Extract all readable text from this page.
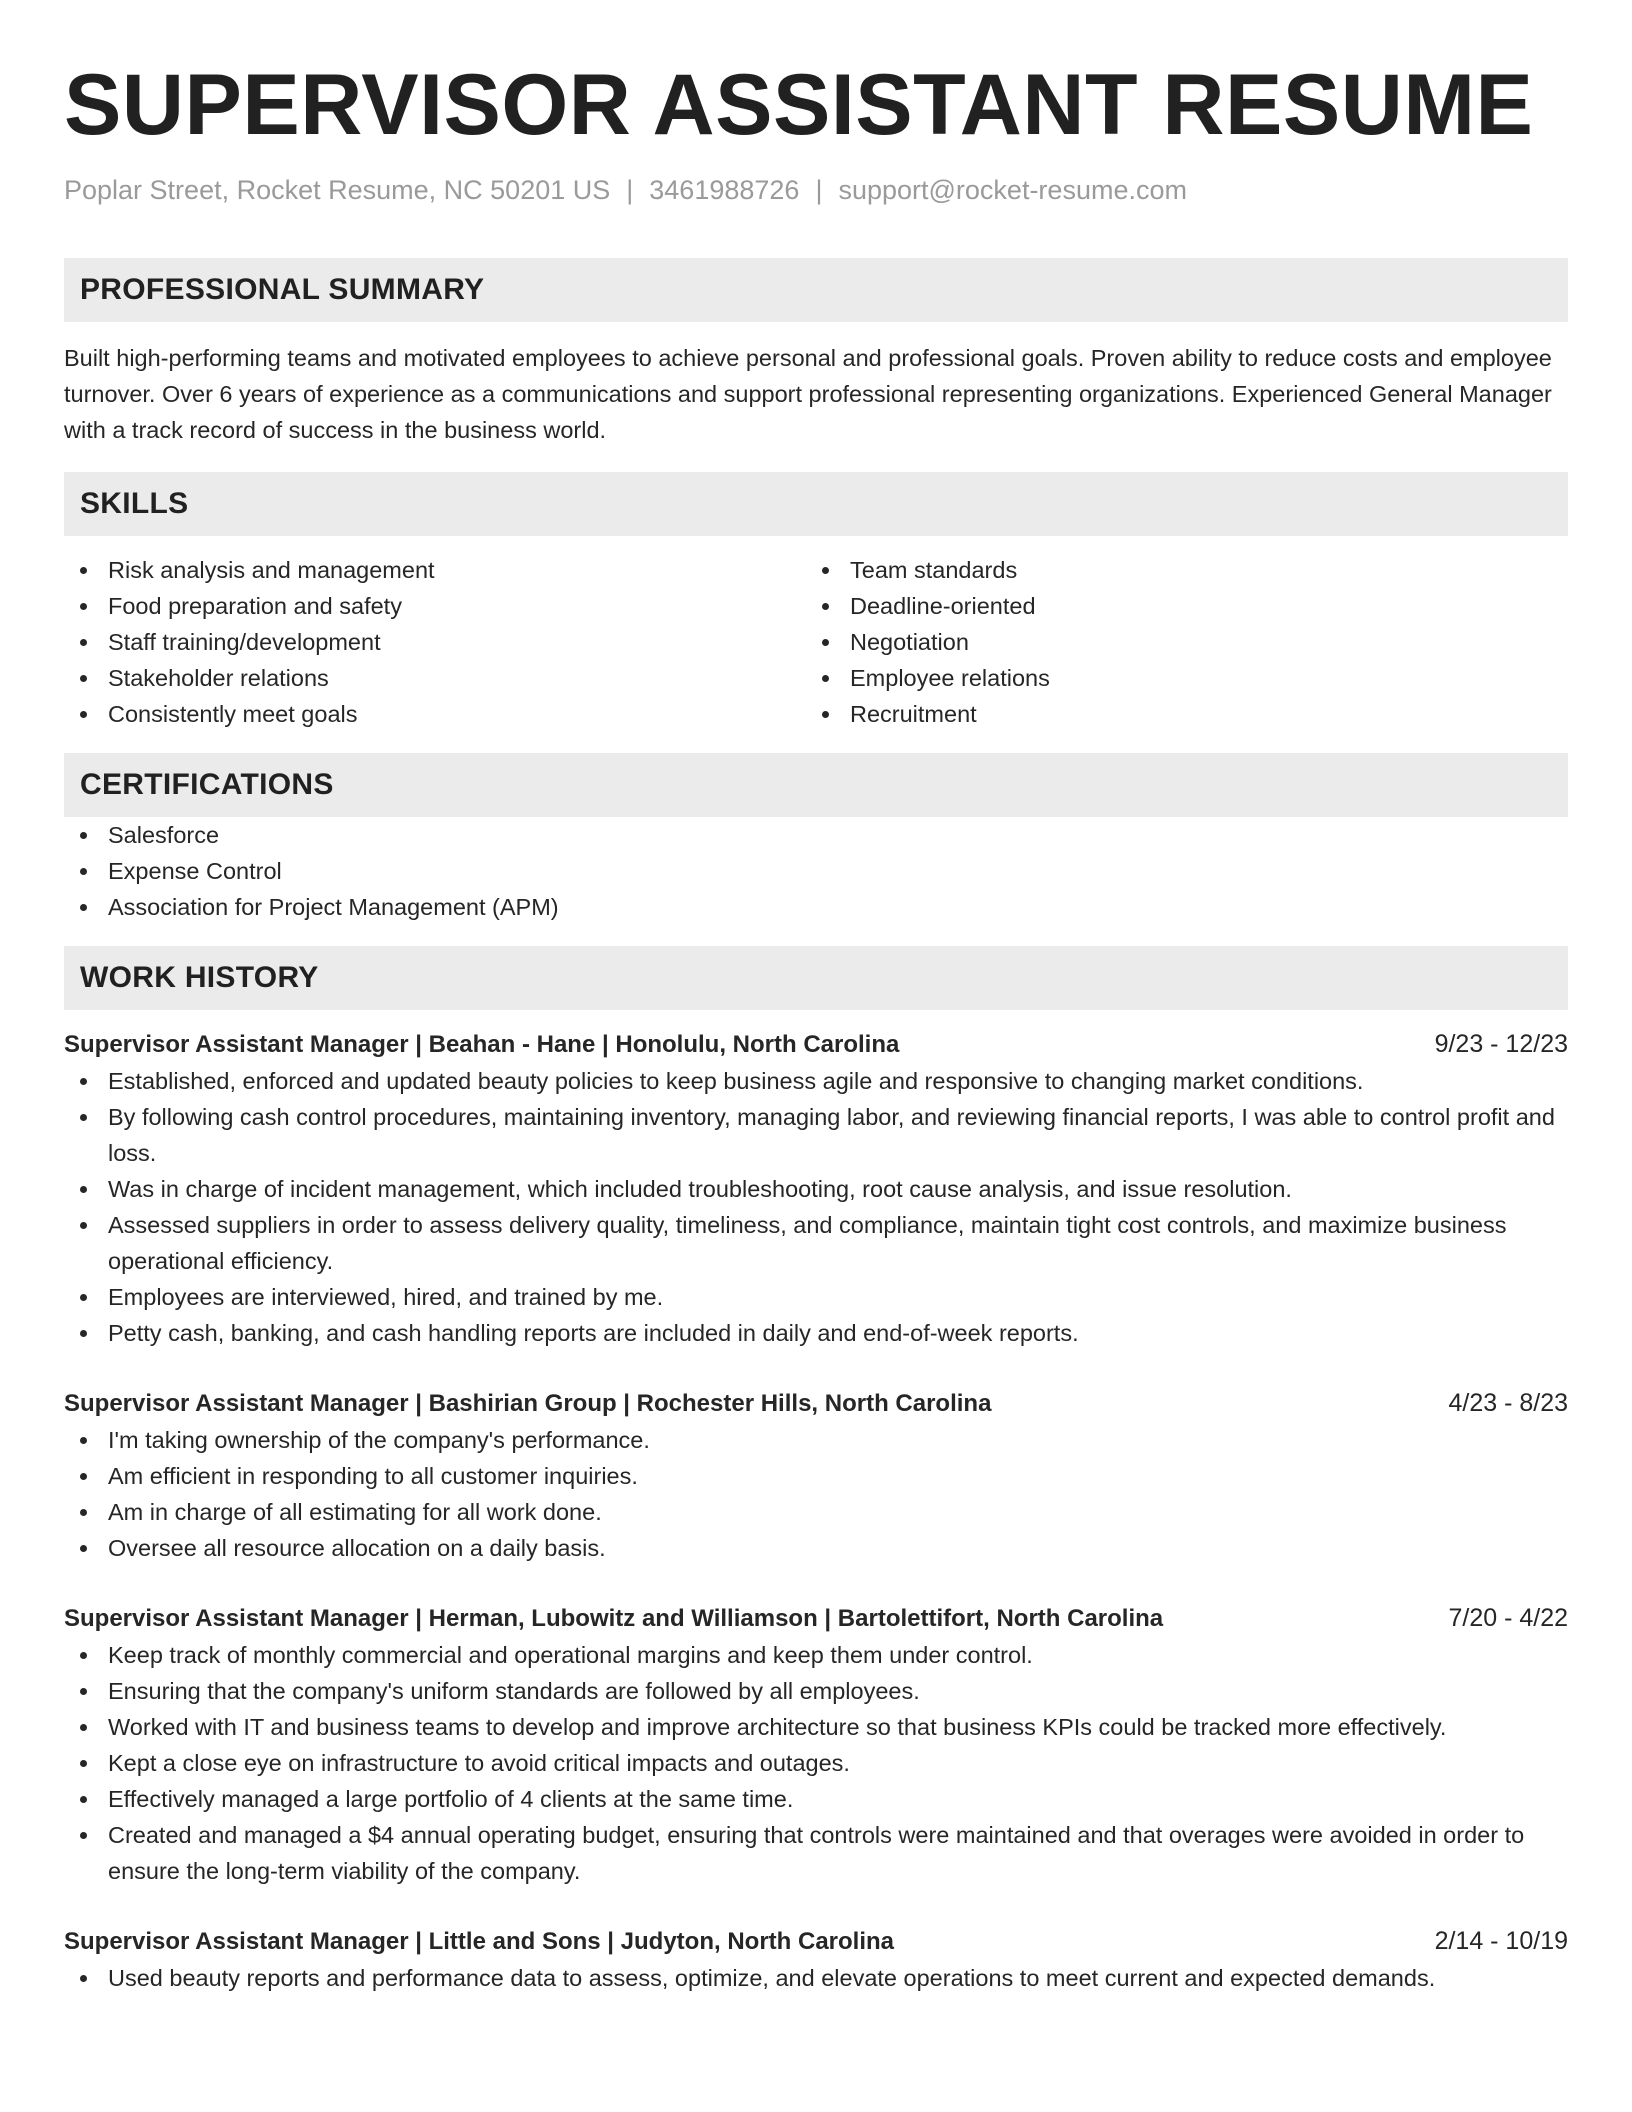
SUPERVISOR ASSISTANT RESUME
Poplar Street, Rocket Resume, NC 50201 US | 3461988726 | support@rocket-resume.com
PROFESSIONAL SUMMARY
Built high-performing teams and motivated employees to achieve personal and professional goals. Proven ability to reduce costs and employee turnover. Over 6 years of experience as a communications and support professional representing organizations. Experienced General Manager with a track record of success in the business world.
SKILLS
Risk analysis and management
Food preparation and safety
Staff training/development
Stakeholder relations
Consistently meet goals
Team standards
Deadline-oriented
Negotiation
Employee relations
Recruitment
CERTIFICATIONS
Salesforce
Expense Control
Association for Project Management (APM)
WORK HISTORY
Supervisor Assistant Manager | Beahan - Hane | Honolulu, North Carolina	9/23 - 12/23
Established, enforced and updated beauty policies to keep business agile and responsive to changing market conditions.
By following cash control procedures, maintaining inventory, managing labor, and reviewing financial reports, I was able to control profit and loss.
Was in charge of incident management, which included troubleshooting, root cause analysis, and issue resolution.
Assessed suppliers in order to assess delivery quality, timeliness, and compliance, maintain tight cost controls, and maximize business operational efficiency.
Employees are interviewed, hired, and trained by me.
Petty cash, banking, and cash handling reports are included in daily and end-of-week reports.
Supervisor Assistant Manager | Bashirian Group | Rochester Hills, North Carolina	4/23 - 8/23
I'm taking ownership of the company's performance.
Am efficient in responding to all customer inquiries.
Am in charge of all estimating for all work done.
Oversee all resource allocation on a daily basis.
Supervisor Assistant Manager | Herman, Lubowitz and Williamson | Bartolettifort, North Carolina	7/20 - 4/22
Keep track of monthly commercial and operational margins and keep them under control.
Ensuring that the company's uniform standards are followed by all employees.
Worked with IT and business teams to develop and improve architecture so that business KPIs could be tracked more effectively.
Kept a close eye on infrastructure to avoid critical impacts and outages.
Effectively managed a large portfolio of 4 clients at the same time.
Created and managed a $4 annual operating budget, ensuring that controls were maintained and that overages were avoided in order to ensure the long-term viability of the company.
Supervisor Assistant Manager | Little and Sons | Judyton, North Carolina	2/14 - 10/19
Used beauty reports and performance data to assess, optimize, and elevate operations to meet current and expected demands.
